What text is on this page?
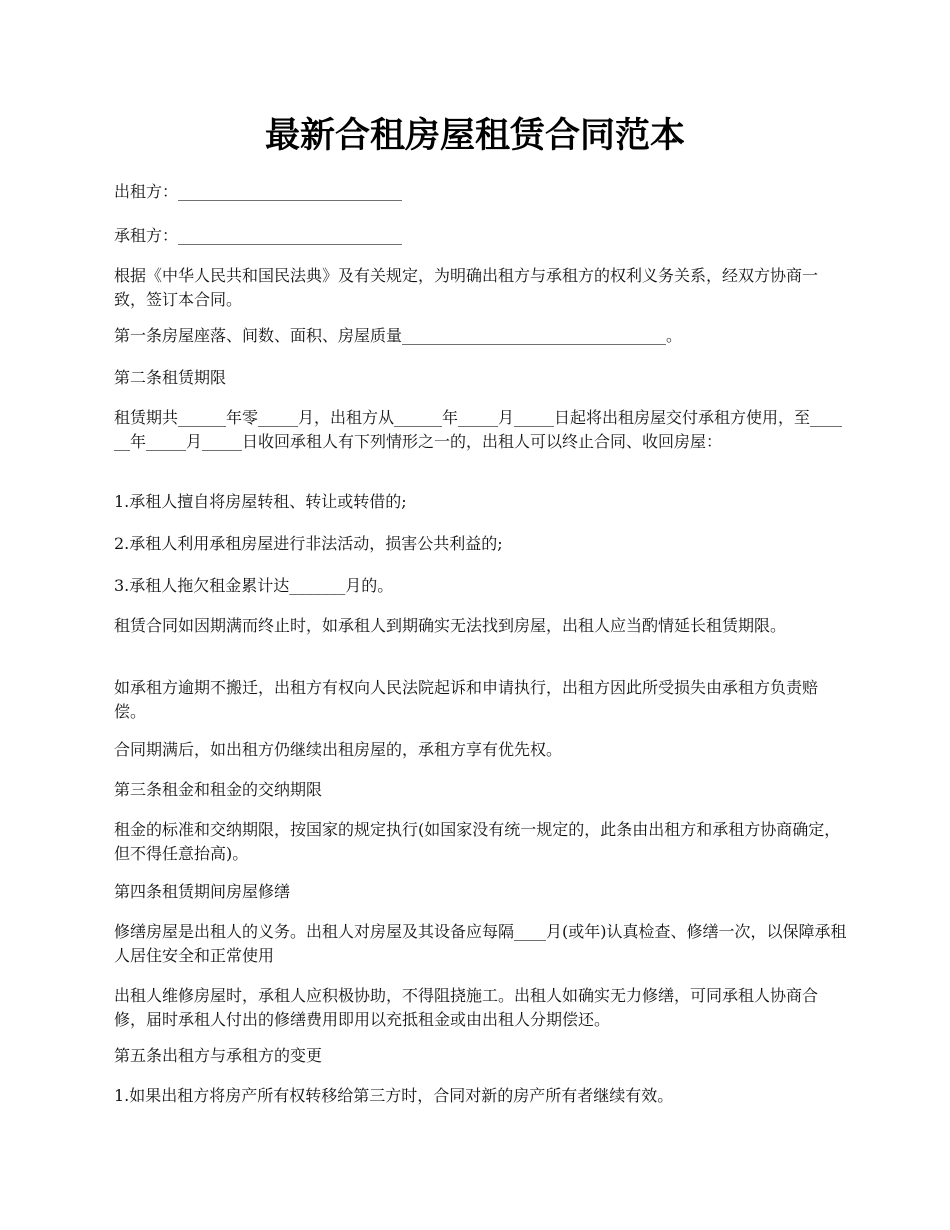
最新合租房屋租赁合同范本

出租方：____________________________

承租方：____________________________

根据《中华人民共和国民法典》及有关规定，为明确出租方与承租方的权利义务关系，经双方协商一致，签订本合同。

第一条房屋座落、间数、面积、房屋质量_________________________________。

第二条租赁期限

租赁期共______年零_____月，出租方从______年_____月_____日起将出租房屋交付承租方使用，至______年_____月_____日收回承租人有下列情形之一的，出租人可以终止合同、收回房屋：

1.承租人擅自将房屋转租、转让或转借的;

2.承租人利用承租房屋进行非法活动，损害公共利益的;

3.承租人拖欠租金累计达_______月的。

租赁合同如因期满而终止时，如承租人到期确实无法找到房屋，出租人应当酌情延长租赁期限。

如承租方逾期不搬迁，出租方有权向人民法院起诉和申请执行，出租方因此所受损失由承租方负责赔偿。

合同期满后，如出租方仍继续出租房屋的，承租方享有优先权。

第三条租金和租金的交纳期限

租金的标准和交纳期限，按国家的规定执行(如国家没有统一规定的，此条由出租方和承租方协商确定，但不得任意抬高)。

第四条租赁期间房屋修缮

修缮房屋是出租人的义务。出租人对房屋及其设备应每隔____月(或年)认真检查、修缮一次，以保障承租人居住安全和正常使用

出租人维修房屋时，承租人应积极协助，不得阻挠施工。出租人如确实无力修缮，可同承租人协商合修，届时承租人付出的修缮费用即用以充抵租金或由出租人分期偿还。

第五条出租方与承租方的变更

1.如果出租方将房产所有权转移给第三方时，合同对新的房产所有者继续有效。
